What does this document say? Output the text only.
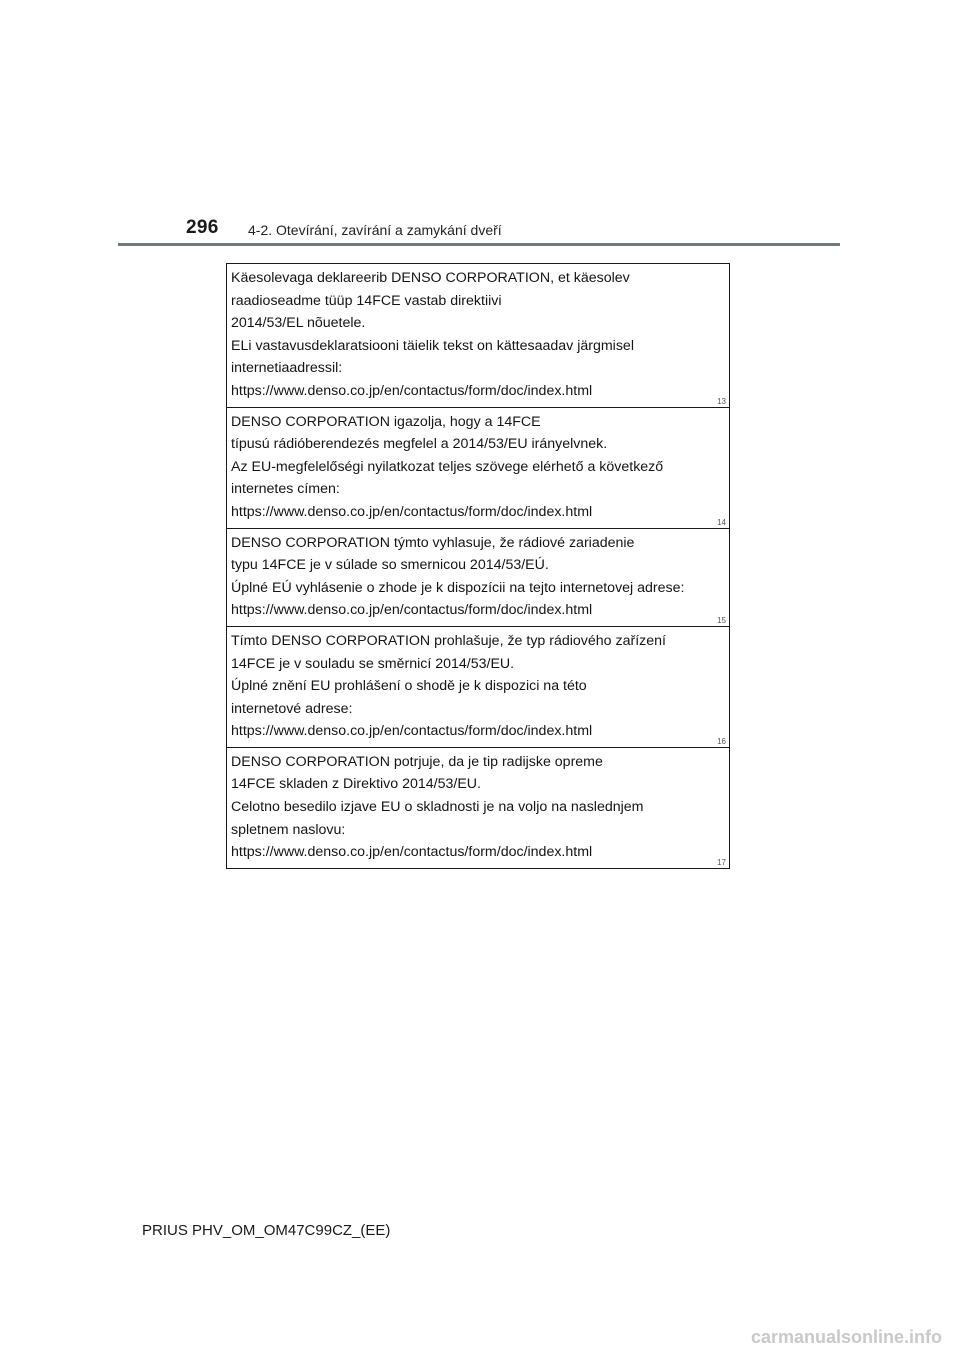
296 4-2. Otevírání, zavírání a zamykání dveří
Käesolevaga deklareerib DENSO CORPORATION, et käesolev
raadioseadme tüüp 14FCE vastab direktiivi
2014/53/EL nõuetele.
ELi vastavusdeklaratsiooni täielik tekst on kättesaadav järgmisel
internetiaadressil:
https://www.denso.co.jp/en/contactus/form/doc/index.html
13
DENSO CORPORATION igazolja, hogy a 14FCE
típusú rádióberendezés megfelel a 2014/53/EU irányelvnek.
Az EU-megfelelőségi nyilatkozat teljes szövege elérhető a következő
internetes címen:
https://www.denso.co.jp/en/contactus/form/doc/index.html
14
DENSO CORPORATION týmto vyhlasuje, že rádiové zariadenie
typu 14FCE je v súlade so smernicou 2014/53/EÚ.
Úplné EÚ vyhlásenie o zhode je k dispozícii na tejto internetovej adrese:
https://www.denso.co.jp/en/contactus/form/doc/index.html
15
Tímto DENSO CORPORATION prohlašuje, že typ rádiového zařízení
14FCE je v souladu se směrnicí 2014/53/EU.
Úplné znění EU prohlášení o shodě je k dispozici na této
internetové adrese:
https://www.denso.co.jp/en/contactus/form/doc/index.html
16
DENSO CORPORATION potrjuje, da je tip radijske opreme
14FCE skladen z Direktivo 2014/53/EU.
Celotno besedilo izjave EU o skladnosti je na voljo na naslednjem
spletnem naslovu:
https://www.denso.co.jp/en/contactus/form/doc/index.html
17
PRIUS PHV_OM_OM47C99CZ_(EE)
carmanualsonline.info
